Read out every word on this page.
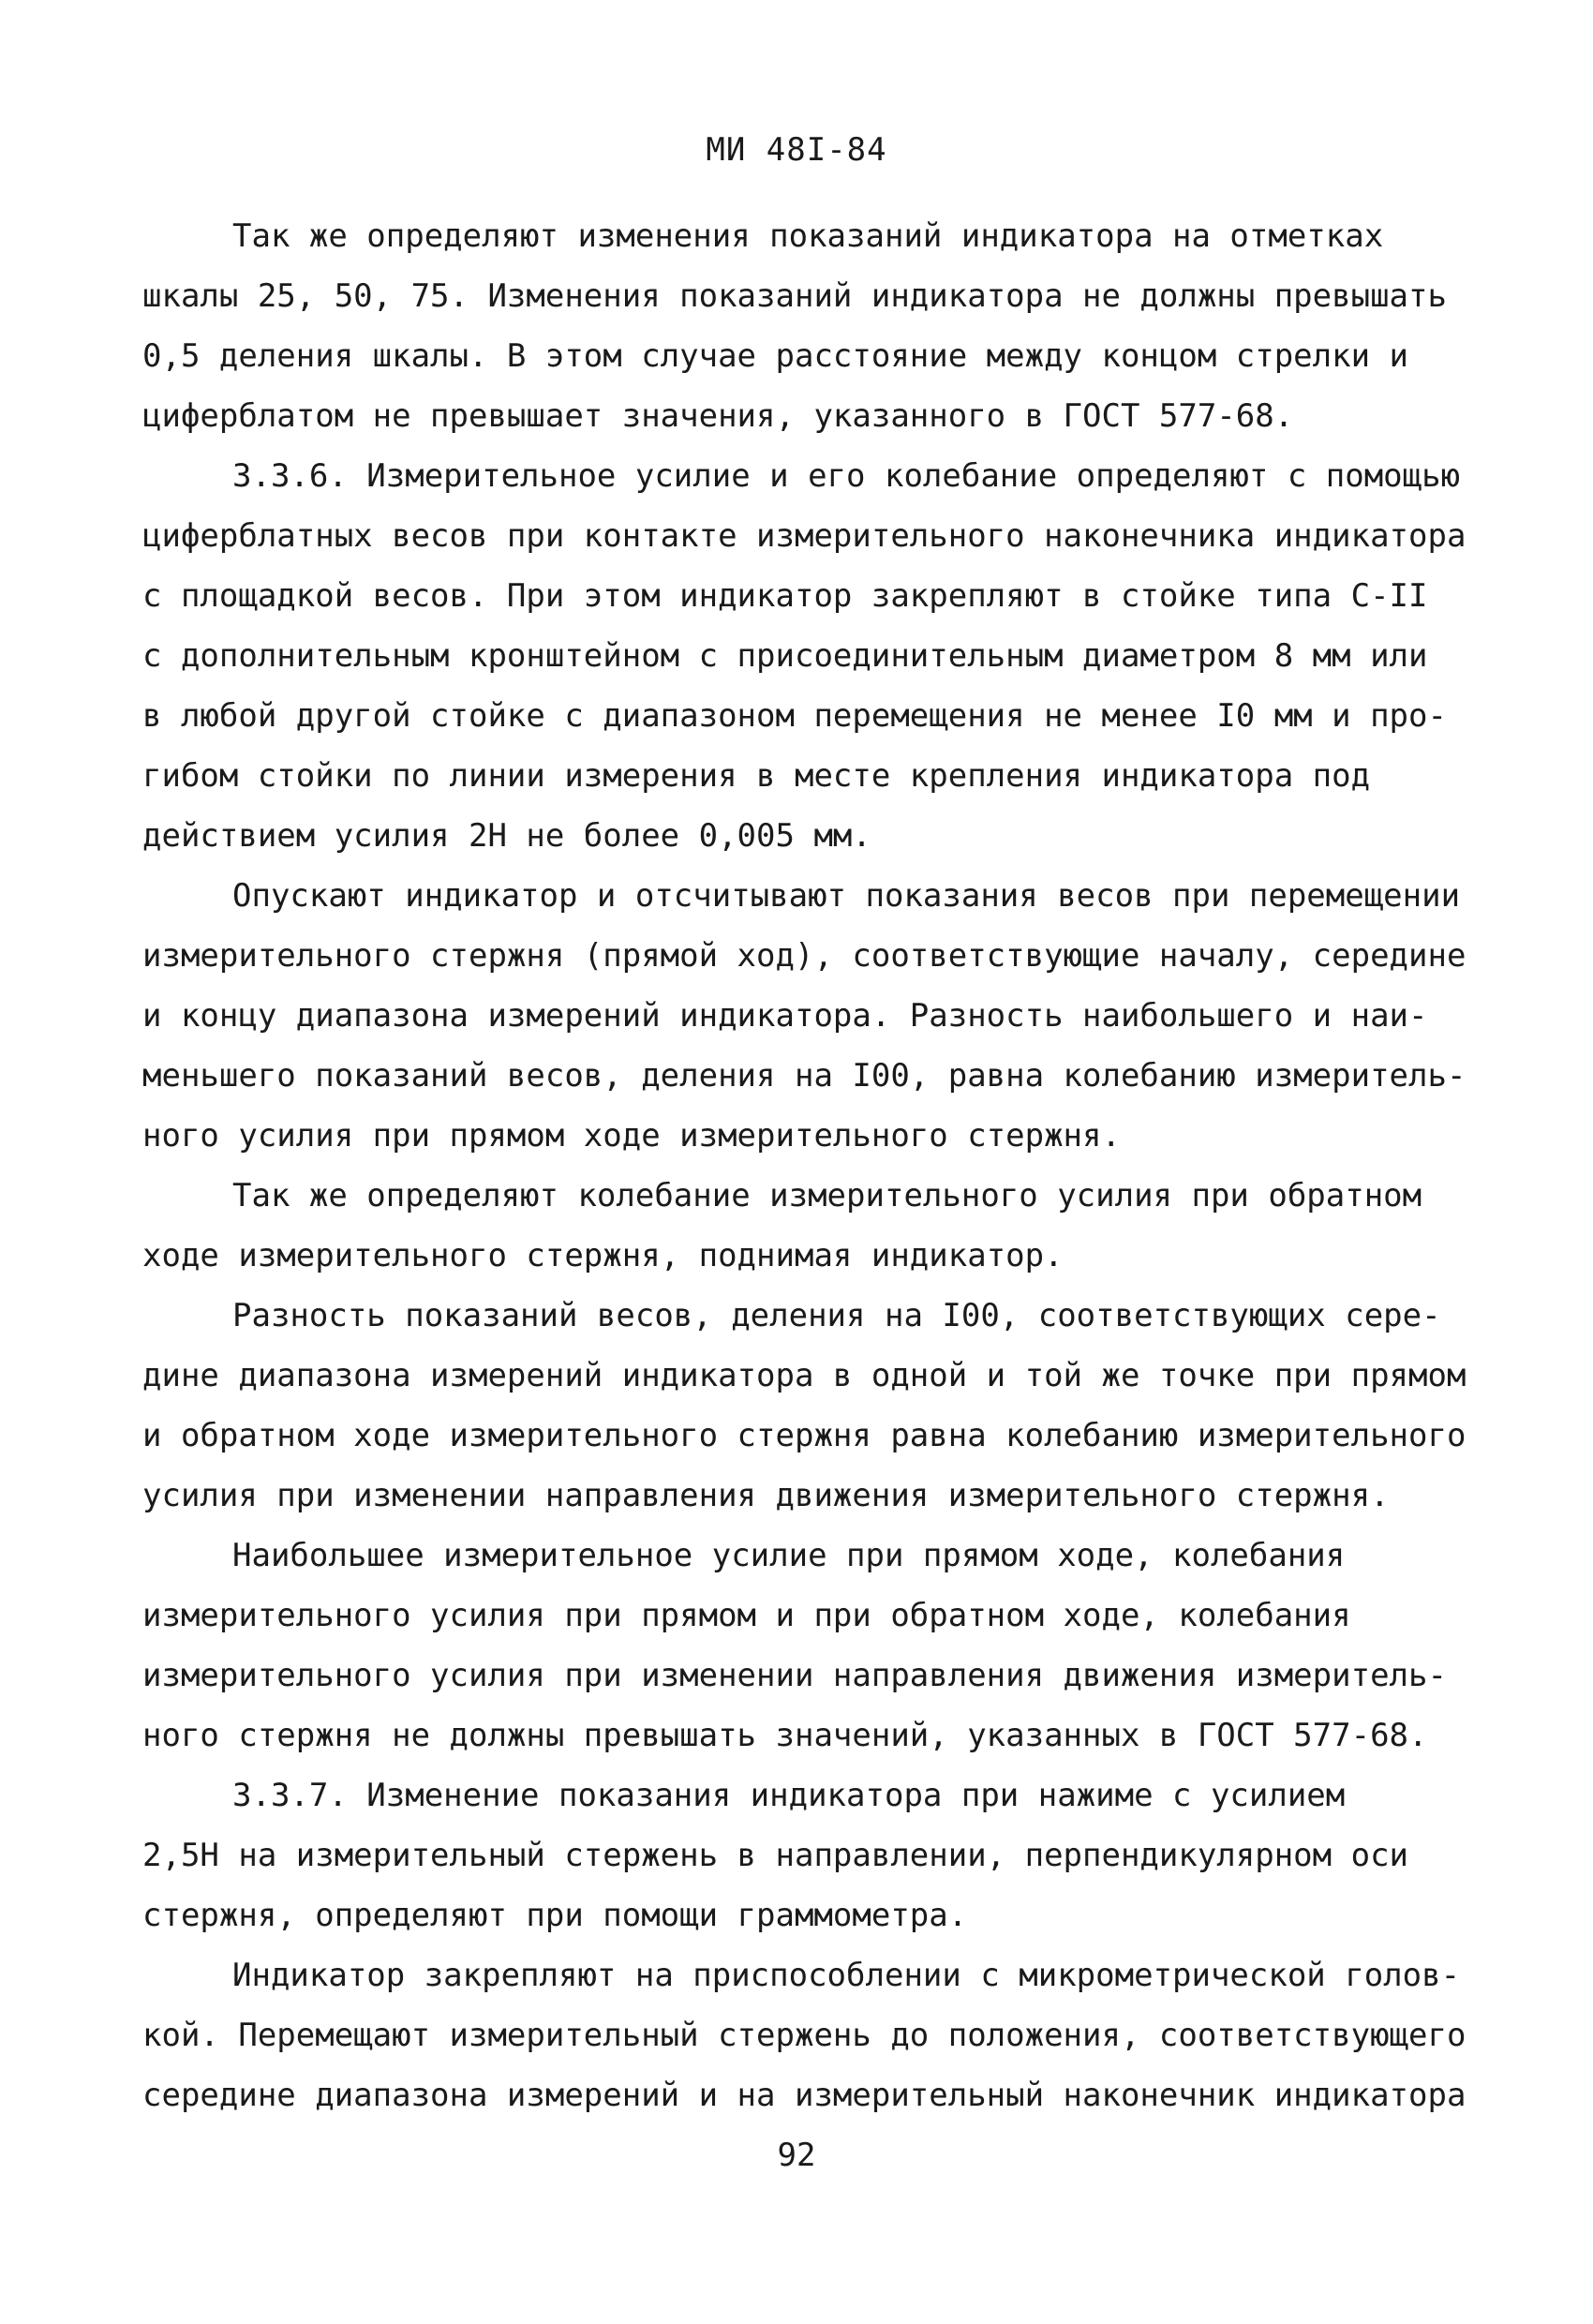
МИ 48I-84
Так же определяют изменения показаний индикатора на отметках
шкалы 25, 50, 75. Изменения показаний индикатора не должны превышать
0,5 деления шкалы. В этом случае расстояние между концом стрелки и
циферблатом не превышает значения, указанного в ГОСТ 577-68.
3.3.6. Измерительное усилие и его колебание определяют с помощью
циферблатных весов при контакте измерительного наконечника индикатора
с площадкой весов. При этом индикатор закрепляют в стойке типа С-II
с дополнительным кронштейном с присоединительным диаметром 8 мм или
в любой другой стойке с диапазоном перемещения не менее I0 мм и про-
гибом стойки по линии измерения в месте крепления индикатора под
действием усилия 2Н не более 0,005 мм.
Опускают индикатор и отсчитывают показания весов при перемещении
измерительного стержня (прямой ход), соответствующие началу, середине
и концу диапазона измерений индикатора. Разность наибольшего и наи-
меньшего показаний весов, деления на I00, равна колебанию измеритель-
ного усилия при прямом ходе измерительного стержня.
Так же определяют колебание измерительного усилия при обратном
ходе измерительного стержня, поднимая индикатор.
Разность показаний весов, деления на I00, соответствующих сере-
дине диапазона измерений индикатора в одной и той же точке при прямом
и обратном ходе измерительного стержня равна колебанию измерительного
усилия при изменении направления движения измерительного стержня.
Наибольшее измерительное усилие при прямом ходе, колебания
измерительного усилия при прямом и при обратном ходе, колебания
измерительного усилия при изменении направления движения измеритель-
ного стержня не должны превышать значений, указанных в ГОСТ 577-68.
3.3.7. Изменение показания индикатора при нажиме с усилием
2,5Н на измерительный стержень в направлении, перпендикулярном оси
стержня, определяют при помощи граммометра.
Индикатор закрепляют на приспособлении с микрометрической голов-
кой. Перемещают измерительный стержень до положения, соответствующего
середине диапазона измерений и на измерительный наконечник индикатора
92
